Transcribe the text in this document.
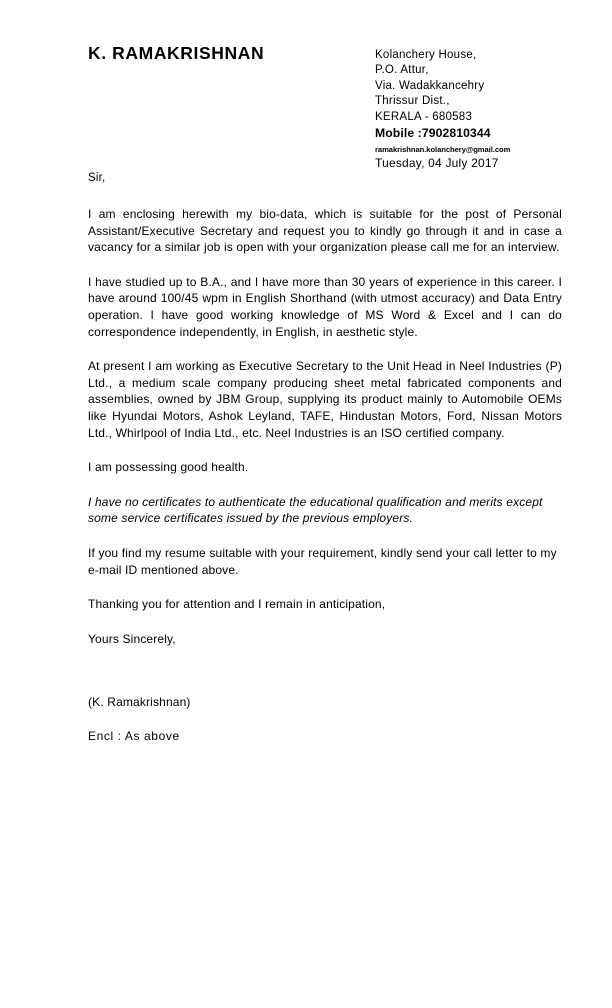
K. RAMAKRISHNAN	Kolanchery House,
P.O. Attur,
Via. Wadakkancehry
Thrissur Dist.,
KERALA - 680583
Mobile :7902810344
ramakrishnan.kolanchery@gmail.com
Tuesday, 04 July 2017
Sir,

I am enclosing herewith my bio-data, which is suitable for the post of Personal Assistant/Executive Secretary and request you to kindly go through it and in case a vacancy for a similar job is open with your organization please call me for an interview.

I have studied up to B.A., and I have more than 30 years of experience in this career. I have around 100/45 wpm in English Shorthand (with utmost accuracy) and Data Entry operation. I have good working knowledge of MS Word & Excel and I can do correspondence independently, in English, in aesthetic style.

At present I am working as Executive Secretary to the Unit Head in Neel Industries (P) Ltd., a medium scale company producing sheet metal fabricated components and assemblies, owned by JBM Group, supplying its product mainly to Automobile OEMs like Hyundai Motors, Ashok Leyland, TAFE, Hindustan Motors, Ford, Nissan Motors Ltd., Whirlpool of India Ltd., etc. Neel Industries is an ISO certified company.

I am possessing good health.

I have no certificates to authenticate the educational qualification and merits except some service certificates issued by the previous employers.

If you find my resume suitable with your requirement, kindly send your call letter to my e-mail ID mentioned above.

Thanking you for attention and I remain in anticipation,

Yours Sincerely,

(K. Ramakrishnan)
Encl : As above
